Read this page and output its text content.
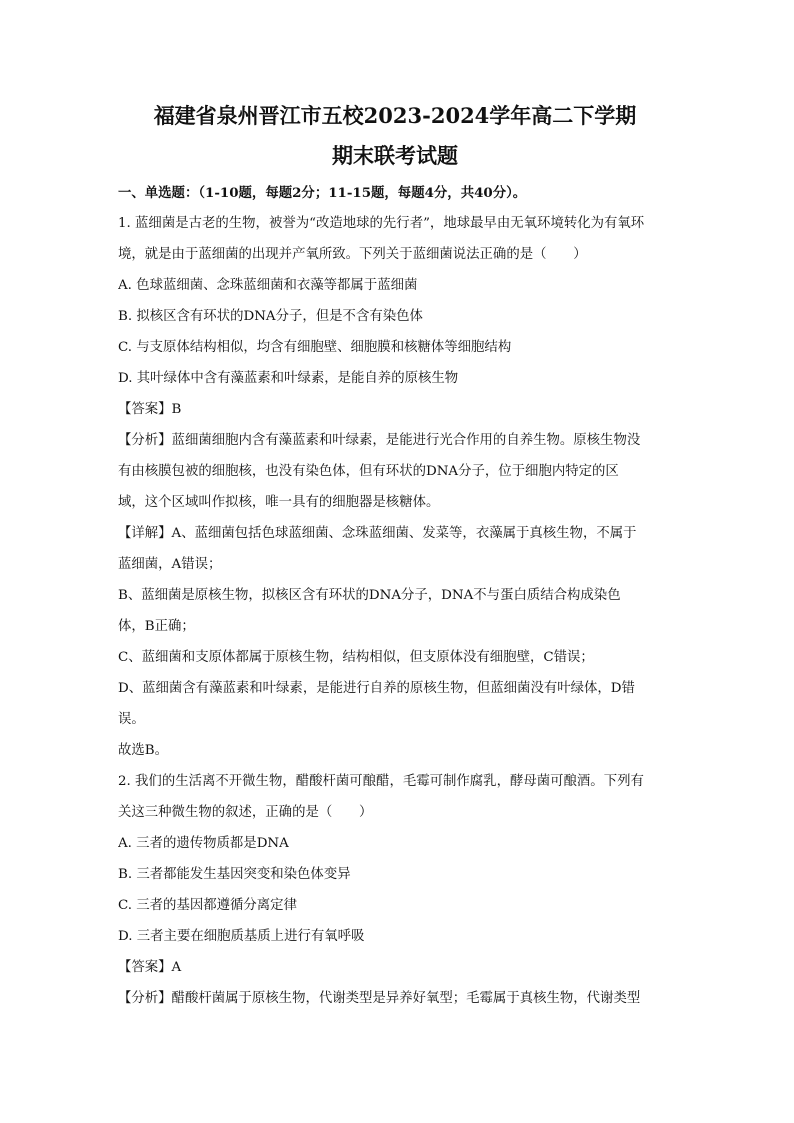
福建省泉州晋江市五校2023-2024学年高二下学期

期末联考试题

一、单选题：（1-10题，每题2分；11-15题，每题4分，共40分）。

1. 蓝细菌是古老的生物，被誉为“改造地球的先行者”，地球最早由无氧环境转化为有氧环

境，就是由于蓝细菌的出现并产氧所致。下列关于蓝细菌说法正确的是（　　）

A. 色球蓝细菌、念珠蓝细菌和衣藻等都属于蓝细菌

B. 拟核区含有环状的DNA分子，但是不含有染色体

C. 与支原体结构相似，均含有细胞壁、细胞膜和核糖体等细胞结构

D. 其叶绿体中含有藻蓝素和叶绿素，是能自养的原核生物

【答案】B

【分析】蓝细菌细胞内含有藻蓝素和叶绿素，是能进行光合作用的自养生物。原核生物没

有由核膜包被的细胞核，也没有染色体，但有环状的DNA分子，位于细胞内特定的区

域，这个区域叫作拟核，唯一具有的细胞器是核糖体。

【详解】A、蓝细菌包括色球蓝细菌、念珠蓝细菌、发菜等，衣藻属于真核生物，不属于

蓝细菌，A错误；

B、蓝细菌是原核生物，拟核区含有环状的DNA分子，DNA不与蛋白质结合构成染色

体，B正确；

C、蓝细菌和支原体都属于原核生物，结构相似，但支原体没有细胞壁，C错误；

D、蓝细菌含有藻蓝素和叶绿素，是能进行自养的原核生物，但蓝细菌没有叶绿体，D错

误。

故选B。

2. 我们的生活离不开微生物，醋酸杆菌可酿醋，毛霉可制作腐乳，酵母菌可酿酒。下列有

关这三种微生物的叙述，正确的是（　　）

A. 三者的遗传物质都是DNA

B. 三者都能发生基因突变和染色体变异

C. 三者的基因都遵循分离定律

D. 三者主要在细胞质基质上进行有氧呼吸

【答案】A

【分析】醋酸杆菌属于原核生物，代谢类型是异养好氧型；毛霉属于真核生物，代谢类型
